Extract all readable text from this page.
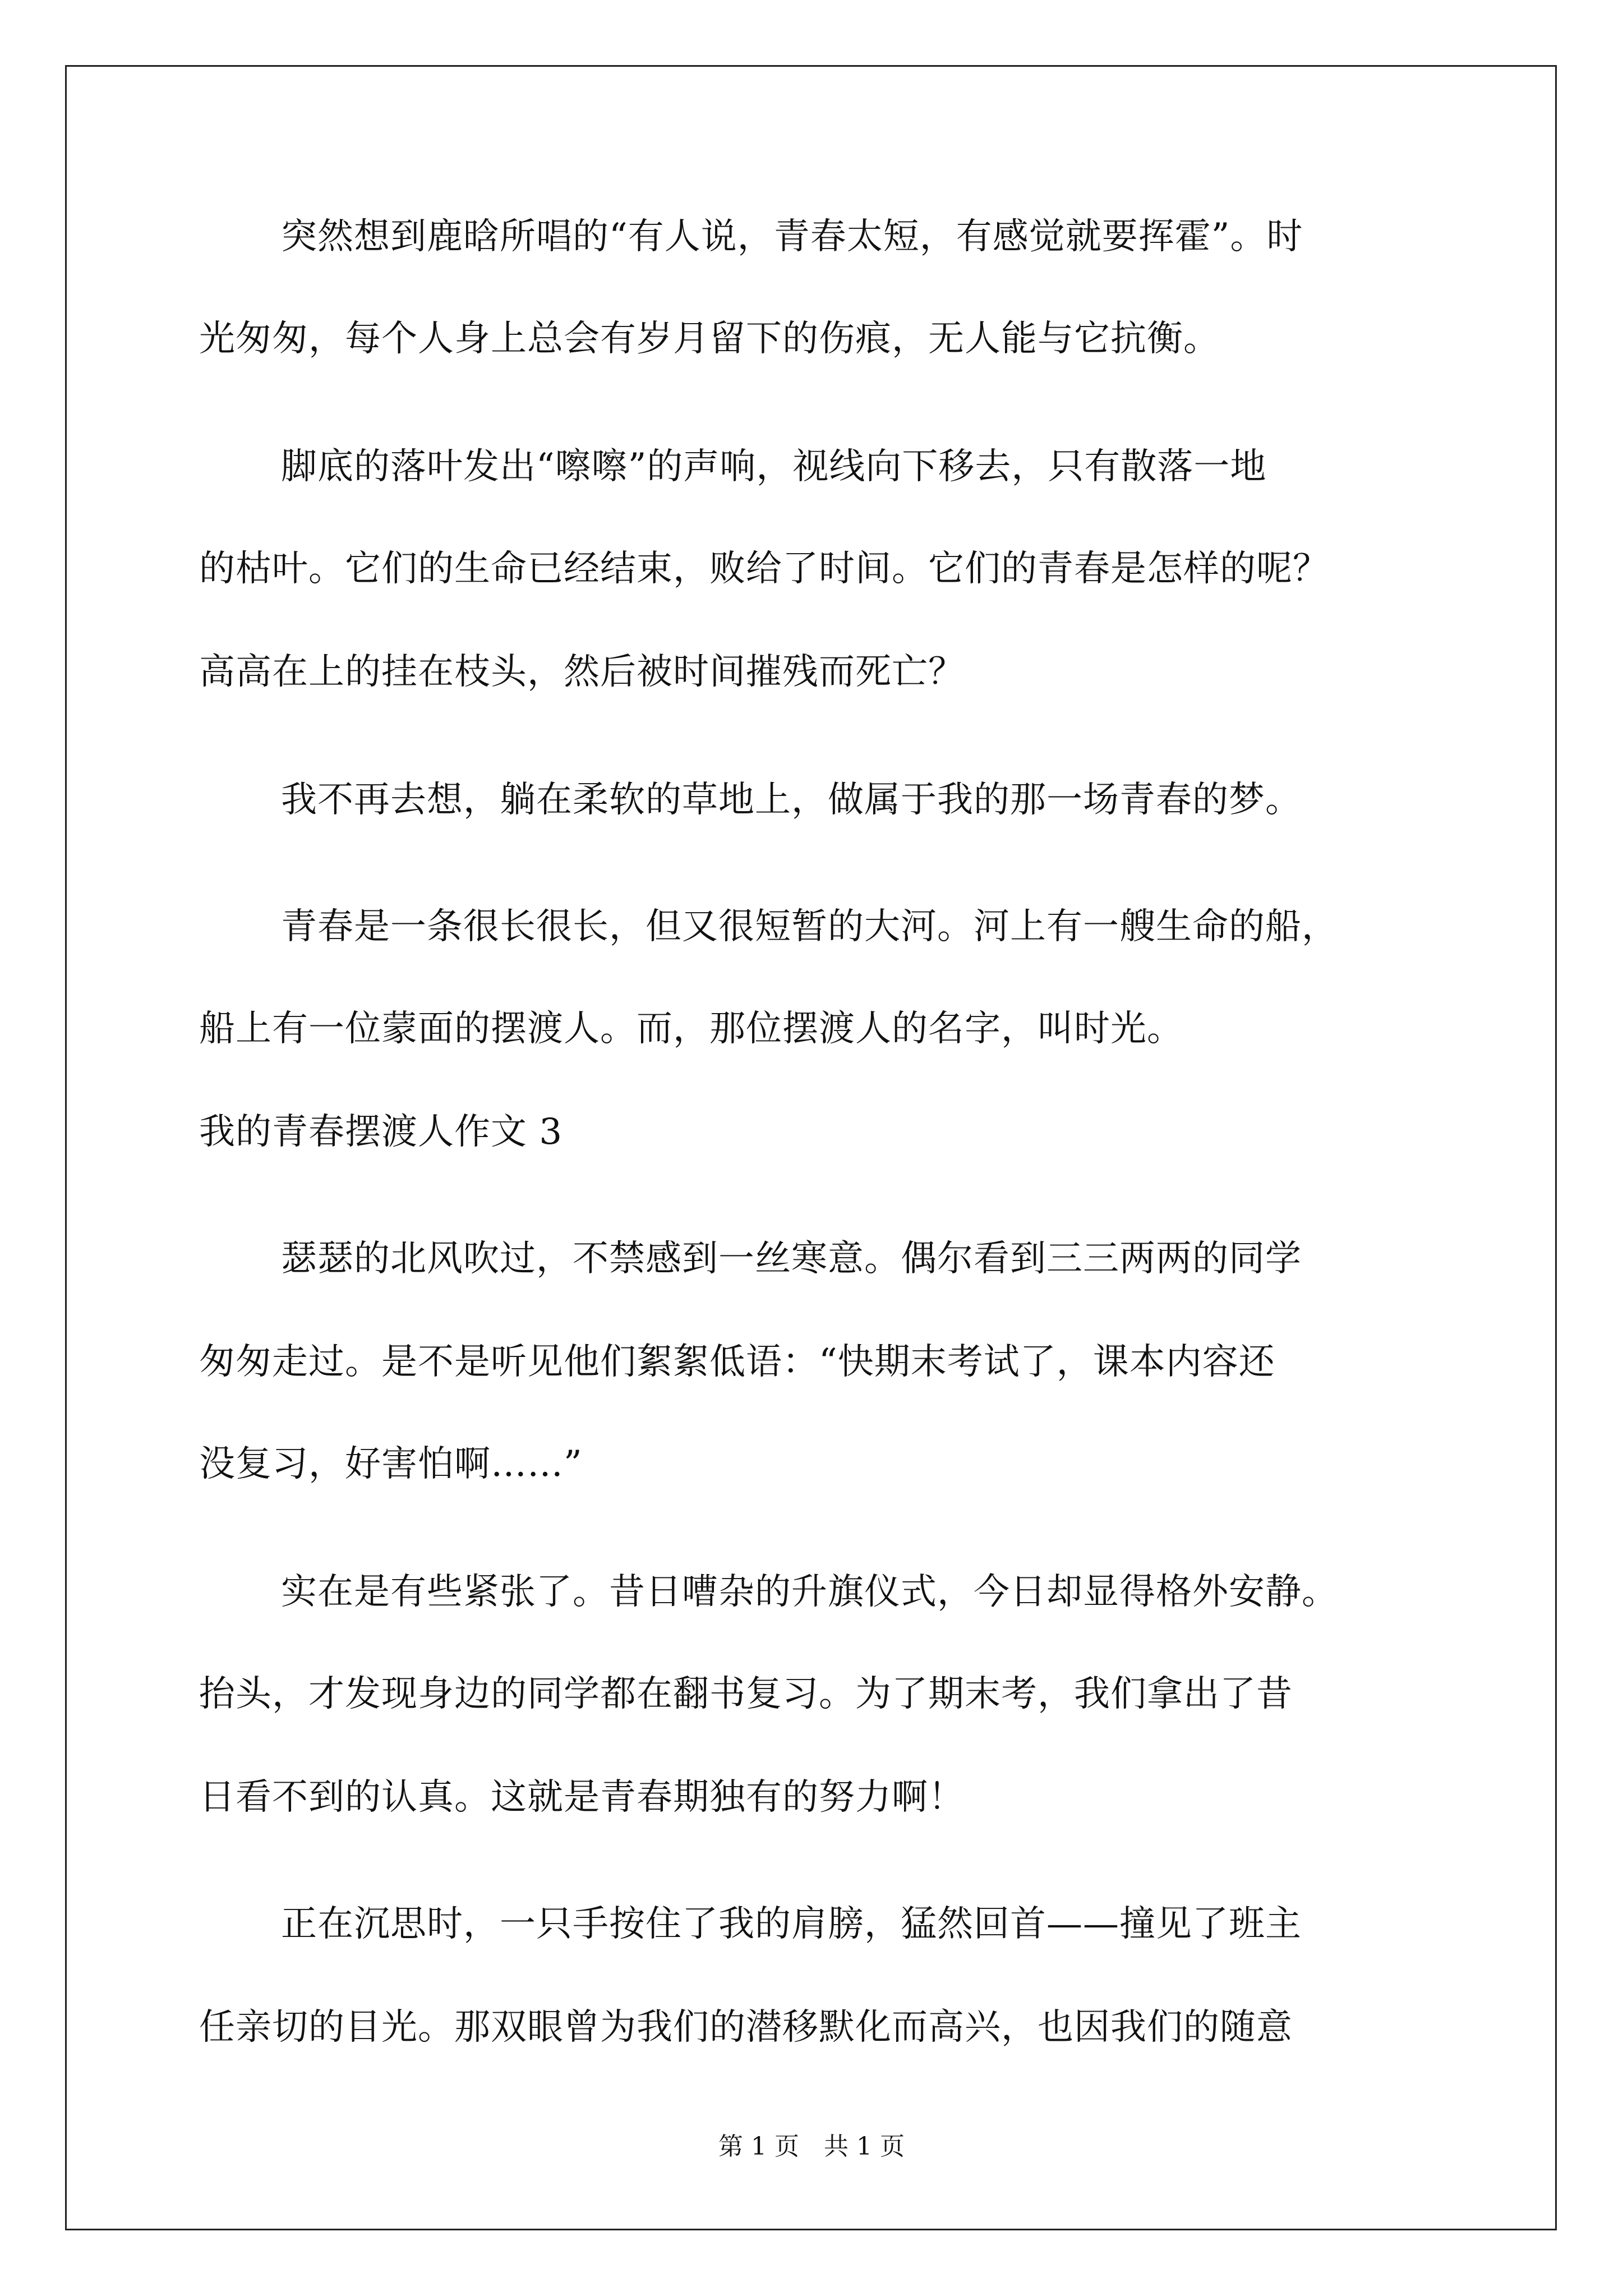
突然想到鹿晗所唱的“有人说，青春太短，有感觉就要挥霍”。时

光匆匆，每个人身上总会有岁月留下的伤痕，无人能与它抗衡。

脚底的落叶发出“嚓嚓”的声响，视线向下移去，只有散落一地

的枯叶。它们的生命已经结束，败给了时间。它们的青春是怎样的呢？

高高在上的挂在枝头，然后被时间摧残而死亡？

我不再去想，躺在柔软的草地上，做属于我的那一场青春的梦。

青春是一条很长很长，但又很短暂的大河。河上有一艘生命的船，

船上有一位蒙面的摆渡人。而，那位摆渡人的名字，叫时光。

我的青春摆渡人作文 3

瑟瑟的北风吹过，不禁感到一丝寒意。偶尔看到三三两两的同学

匆匆走过。是不是听见他们絮絮低语：“快期末考试了，课本内容还

没复习，好害怕啊……”

实在是有些紧张了。昔日嘈杂的升旗仪式，今日却显得格外安静。

抬头，才发现身边的同学都在翻书复习。为了期末考，我们拿出了昔

日看不到的认真。这就是青春期独有的努力啊！

正在沉思时，一只手按住了我的肩膀，猛然回首——撞见了班主

任亲切的目光。那双眼曾为我们的潜移默化而高兴，也因我们的随意

第 1 页　共 1 页
